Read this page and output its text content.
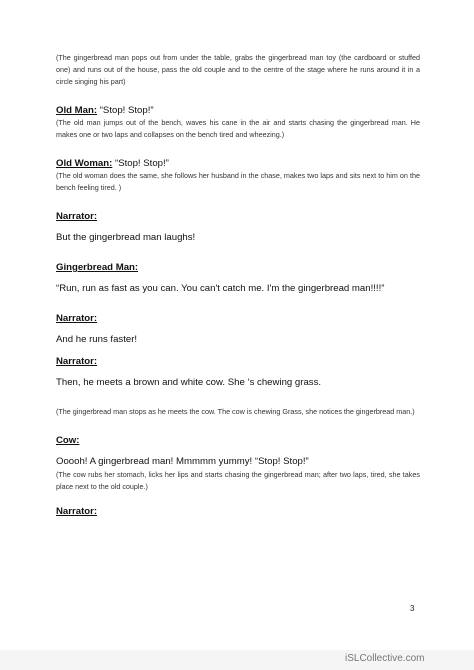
(The gingerbread man pops out from under the table, grabs the gingerbread man toy (the cardboard or stuffed one) and runs out of the house, pass the old couple and to the centre of the stage where he runs around it in a circle singing his part)

Old Man: “Stop! Stop!”

(The old man jumps out of the bench, waves his cane in the air and starts chasing the gingerbread man. He makes one or two laps and collapses on the bench tired and wheezing.)

Old Woman: “Stop! Stop!”

(The old woman does the same, she follows her husband in the chase, makes two laps and sits next to him on the bench feeling tired. )

Narrator:

But the gingerbread man laughs!

Gingerbread Man:

“Run, run as fast as you can. You can't catch me. I'm the gingerbread man!!!!”

Narrator:

And he runs faster!

Narrator:

Then, he meets a brown and white cow. She ‘s chewing grass.

(The gingerbread man stops as he meets the cow. The cow is chewing Grass, she notices the gingerbread man.)

Cow:

Ooooh! A gingerbread man! Mmmmm yummy! “Stop! Stop!”

(The cow rubs her stomach, licks her lips and starts chasing the gingerbread man; after two laps, tired, she takes place next to the old couple.)

Narrator:

3
iSLCollective.com
